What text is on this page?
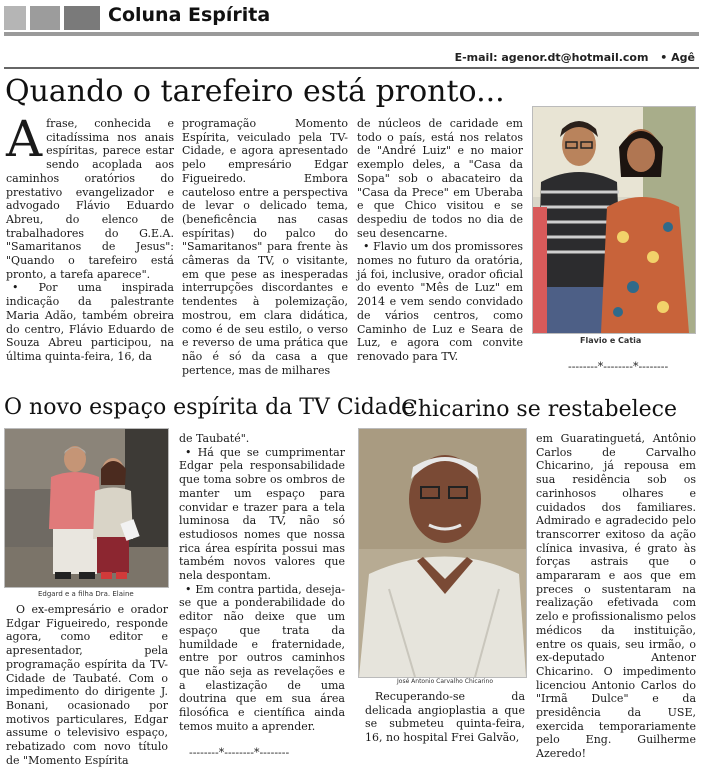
Coluna Espírita
E-mail: agenor.dt@hotmail.com • Agê
Quando o tarefeiro está pronto...
A frase, conhecida e citadíssima nos anais espíritas, parece estar sendo acoplada aos caminhos oratórios do prestativo evangelizador e advogado Flávio Eduardo Abreu, do elenco de trabalhadores do G.E.A. "Samaritanos de Jesus": "Quando o tarefeiro está pronto, a tarefa aparece".

• Por uma inspirada indicação da palestrante Maria Adão, também obreira do centro, Flávio Eduardo de Souza Abreu participou, na última quinta-feira, 16, da

programação Momento Espírita, veiculado pela TV-Cidade, e agora apresentado pelo empresário Edgar Figueiredo. Embora cauteloso entre a perspectiva de levar o delicado tema, (beneficência nas casas espíritas) do palco do "Samaritanos" para frente às câmeras da TV, o visitante, em que pese as inesperadas interrupções discordantes e tendentes à polemização, mostrou, em clara didática, como é de seu estilo, o verso e reverso de uma prática que não é só da casa a que pertence, mas de milhares

de núcleos de caridade em todo o país, está nos relatos de "André Luiz" e no maior exemplo deles, a "Casa da Sopa" sob o abacateiro da "Casa da Prece" em Uberaba e que Chico visitou e se despediu de todos no dia de seu desencarne.

• Flavio um dos promissores nomes no futuro da oratória, já foi, inclusive, orador oficial do evento "Mês de Luz" em 2014 e vem sendo convidado de vários centros, como Caminho de Luz e Seara de Luz, e agora com convite renovado para TV.

Flavio e Catia
--------*--------*--------
O novo espaço espírita da TV Cidade
Edgard e a filha Dra. Elaine

O ex-empresário e orador Edgar Figueiredo, responde agora, como editor e apresentador, pela programação espírita da TV-Cidade de Taubaté. Com o impedimento do dirigente J. Bonani, ocasionado por motivos particulares, Edgar assume o televisivo espaço, rebatizado com novo título de "Momento Espírita

de Taubaté".

• Há que se cumprimentar Edgar pela responsabilidade que toma sobre os ombros de manter um espaço para convidar e trazer para a tela luminosa da TV, não só estudiosos nomes que nossa rica área espírita possui mas também novos valores que nela despontam.

• Em contra partida, deseja-se que a ponderabilidade do editor não deixe que um espaço que trata da humildade e fraternidade, entre por outros caminhos que não seja as revelações e a elastização de uma doutrina que em sua área filosófica e científica ainda temos muito a aprender.

--------*--------*--------
Chicarino se restabelece
José Antonio Carvalho Chicarino

Recuperando-se da delicada angioplastia a que se submeteu quinta-feira, 16, no hospital Frei Galvão,

em Guaratinguetá, Antônio Carlos de Carvalho Chicarino, já repousa em sua residência sob os carinhosos olhares e cuidados dos familiares. Admirado e agradecido pelo transcorrer exitoso da ação clínica invasiva, é grato às forças astrais que o ampararam e aos que em preces o sustentaram na realização efetivada com zelo e profissionalismo pelos médicos da instituição, entre os quais, seu irmão, o ex-deputado Antenor Chicarino. O impedimento licenciou Antonio Carlos do "Irmã Dulce" e da presidência da USE, exercida temporariamente pelo Eng. Guilherme Azeredo!
